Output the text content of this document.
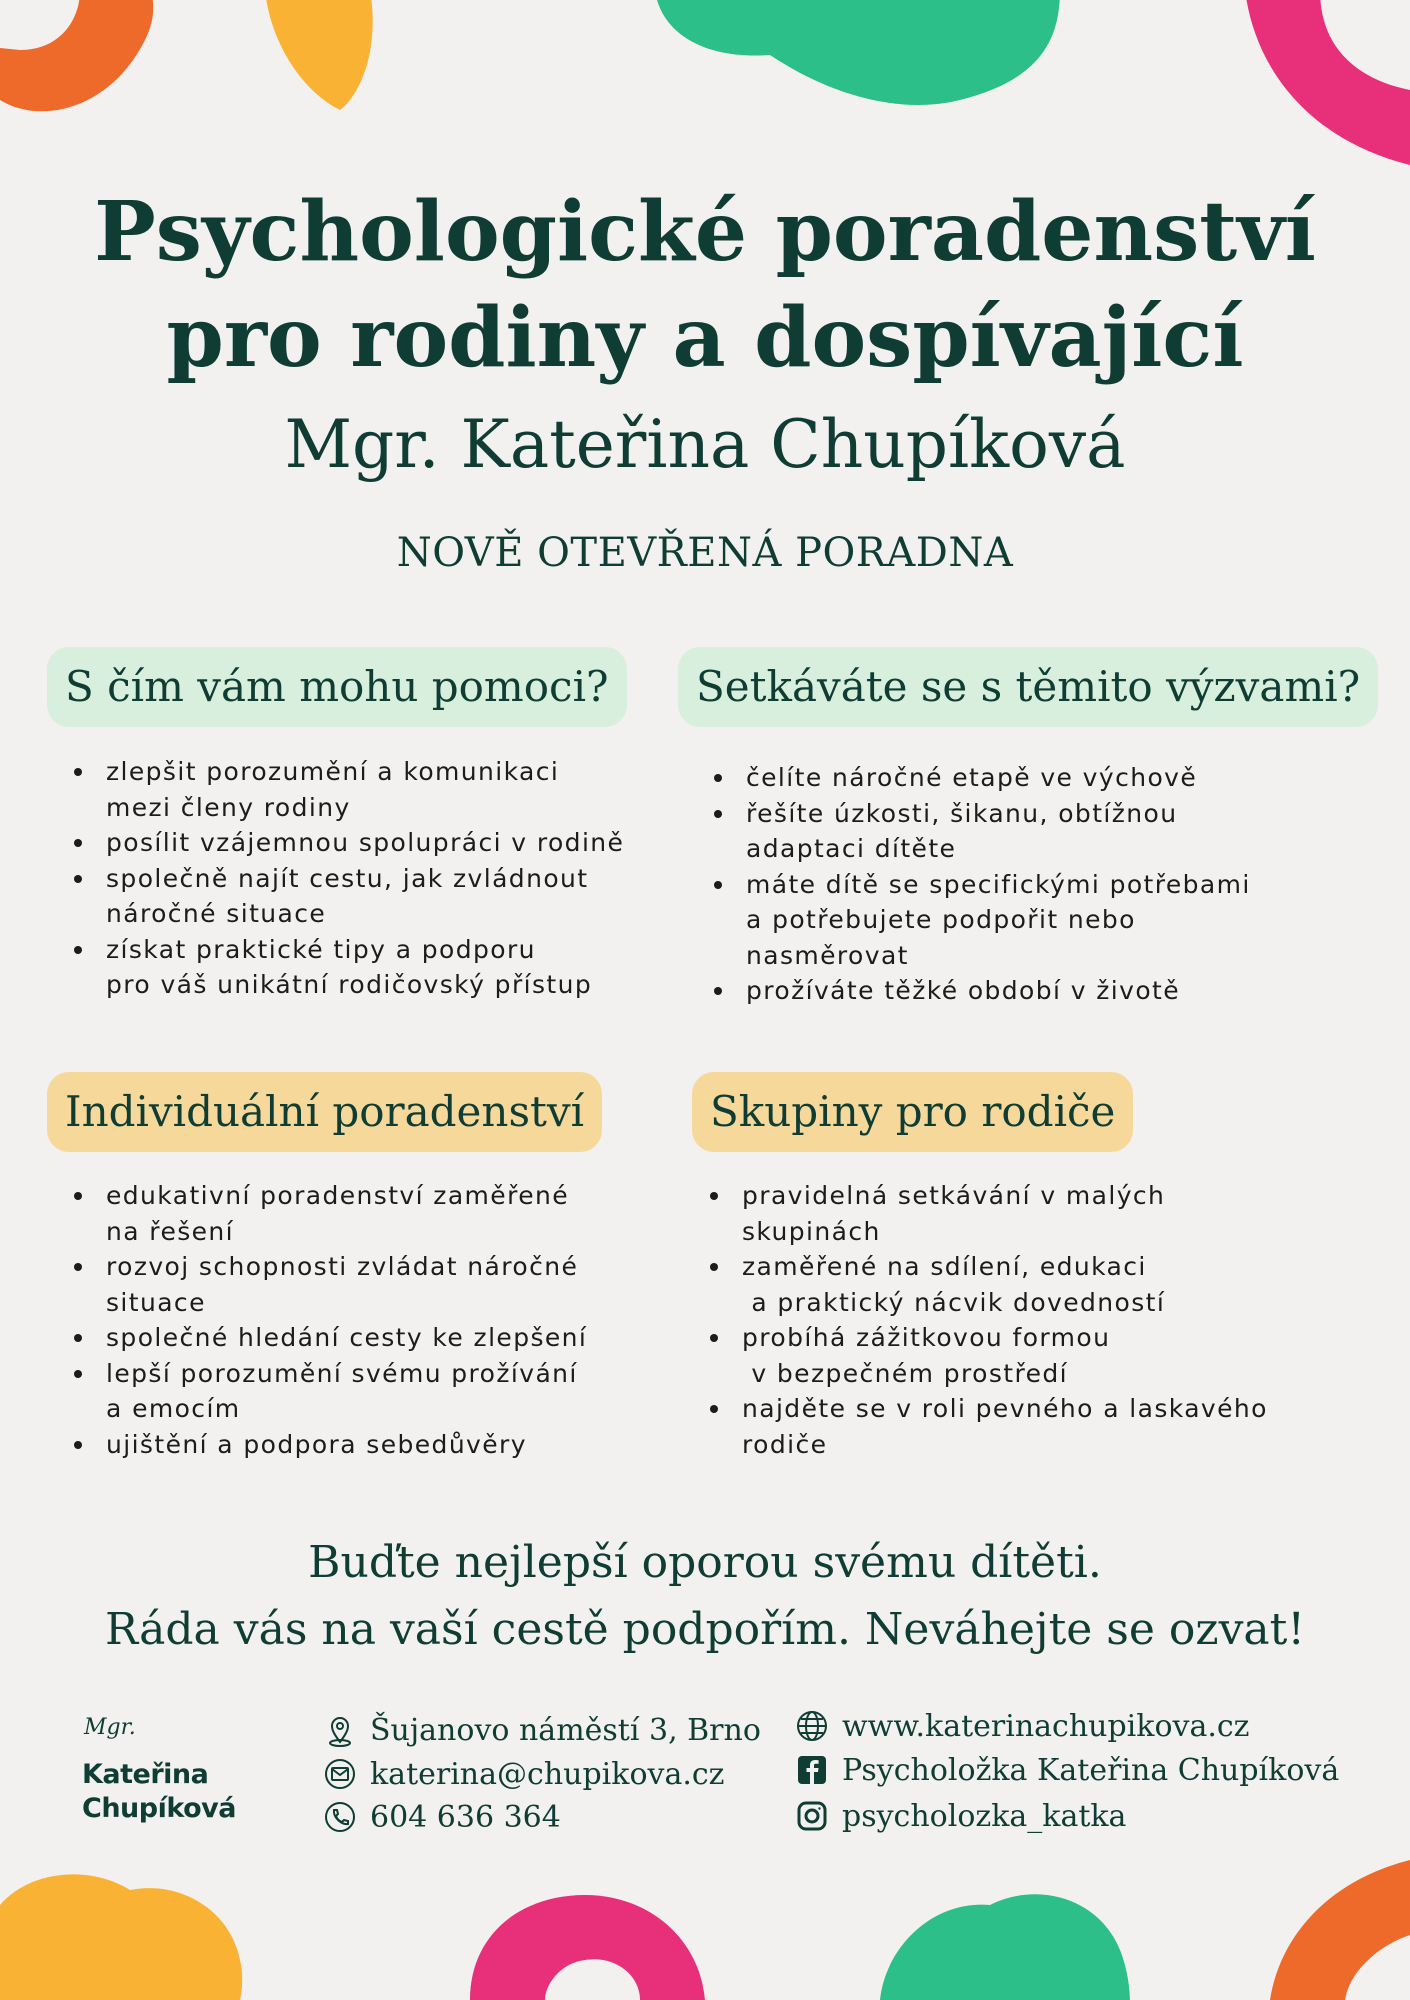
Psychologické poradenství
pro rodiny a dospívající
Mgr. Kateřina Chupíková
NOVĚ OTEVŘENÁ PORADNA
S čím vám mohu pomoci?	Setkáváte se s těmito výzvami?
Individuální poradenství	Skupiny pro rodiče
zlepšit porozumění a komunikaci
mezi členy rodiny
posílit vzájemnou spolupráci v rodině
společně najít cestu, jak zvládnout
náročné situace
získat praktické tipy a podporu
pro váš unikátní rodičovský přístup
čelíte náročné etapě ve výchově
řešíte úzkosti, šikanu, obtížnou
adaptaci dítěte
máte dítě se specifickými potřebami
a potřebujete podpořit nebo
nasměrovat
prožíváte těžké období v životě
edukativní poradenství zaměřené
na řešení
rozvoj schopnosti zvládat náročné
situace
společné hledání cesty ke zlepšení
lepší porozumění svému prožívání
a emocím
ujištění a podpora sebedůvěry
pravidelná setkávání v malých
skupinách
zaměřené na sdílení, edukaci
a praktický nácvik dovedností
probíhá zážitkovou formou
v bezpečném prostředí
najděte se v roli pevného a laskavého
rodiče
Buďte nejlepší oporou svému dítěti.
Ráda vás na vaší cestě podpořím. Neváhejte se ozvat!
Mgr.
Kateřina
Chupíková
Šujanovo náměstí 3, Brno
katerina@chupikova.cz
604 636 364
www.katerinachupikova.cz
Psycholožka Kateřina Chupíková
psycholozka_katka
